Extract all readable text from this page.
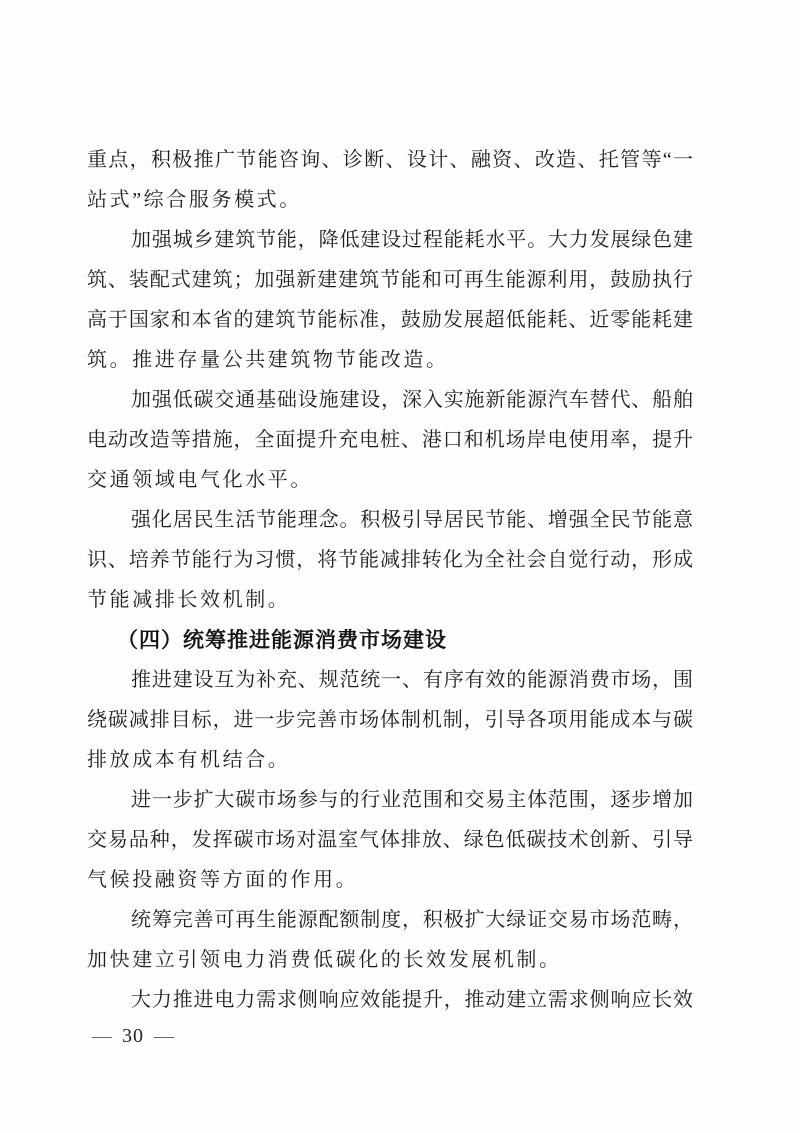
重点，积极推广节能咨询、诊断、设计、融资、改造、托管等“一
站式”综合服务模式。
加强城乡建筑节能，降低建设过程能耗水平。大力发展绿色建
筑、装配式建筑；加强新建建筑节能和可再生能源利用，鼓励执行
高于国家和本省的建筑节能标准，鼓励发展超低能耗、近零能耗建
筑。推进存量公共建筑物节能改造。
加强低碳交通基础设施建设，深入实施新能源汽车替代、船舶
电动改造等措施，全面提升充电桩、港口和机场岸电使用率，提升
交通领域电气化水平。
强化居民生活节能理念。积极引导居民节能、增强全民节能意
识、培养节能行为习惯，将节能减排转化为全社会自觉行动，形成
节能减排长效机制。
（四）统筹推进能源消费市场建设
推进建设互为补充、规范统一、有序有效的能源消费市场，围
绕碳减排目标，进一步完善市场体制机制，引导各项用能成本与碳
排放成本有机结合。
进一步扩大碳市场参与的行业范围和交易主体范围，逐步增加
交易品种，发挥碳市场对温室气体排放、绿色低碳技术创新、引导
气候投融资等方面的作用。
统筹完善可再生能源配额制度，积极扩大绿证交易市场范畴，
加快建立引领电力消费低碳化的长效发展机制。
大力推进电力需求侧响应效能提升，推动建立需求侧响应长效
— 30 —
